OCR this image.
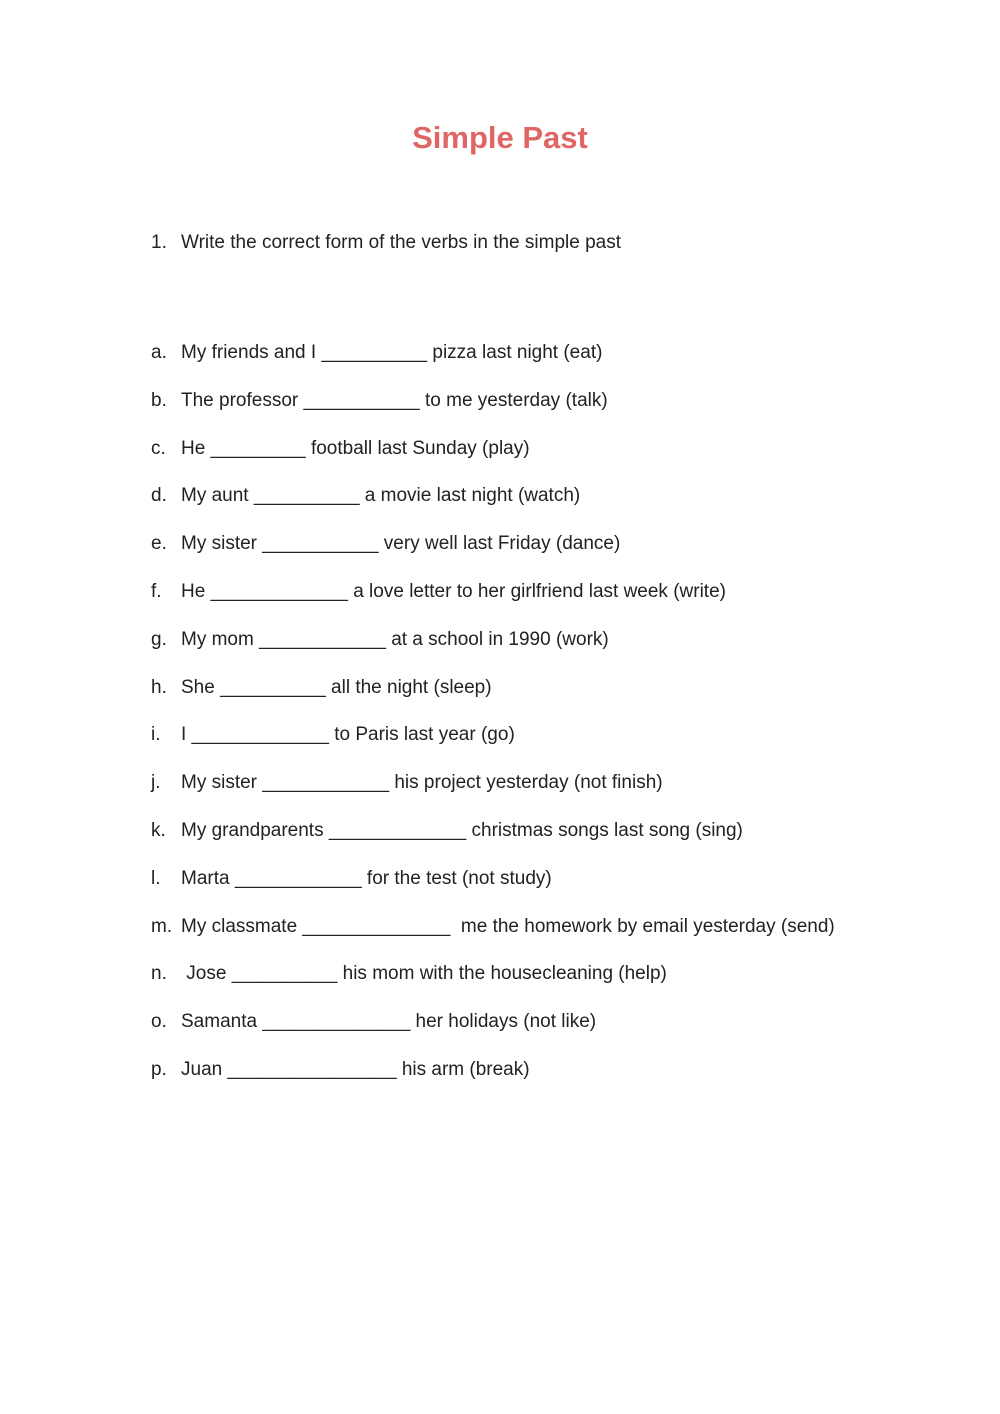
Simple Past
1. Write the correct form of the verbs in the simple past
a. My friends and I __________ pizza last night (eat)
b. The professor ___________ to me yesterday (talk)
c. He _________ football last Sunday (play)
d. My aunt __________ a movie last night (watch)
e. My sister ___________ very well last Friday (dance)
f. He _____________ a love letter to her girlfriend last week (write)
g. My mom ____________ at a school in 1990 (work)
h. She __________ all the night (sleep)
i. I _____________ to Paris last year (go)
j. My sister ____________ his project yesterday (not finish)
k. My grandparents _____________ christmas songs last song (sing)
l. Marta ____________ for the test (not study)
m. My classmate ______________  me the homework by email yesterday (send)
n. Jose __________ his mom with the housecleaning (help)
o. Samanta ______________ her holidays (not like)
p. Juan ________________ his arm (break)
